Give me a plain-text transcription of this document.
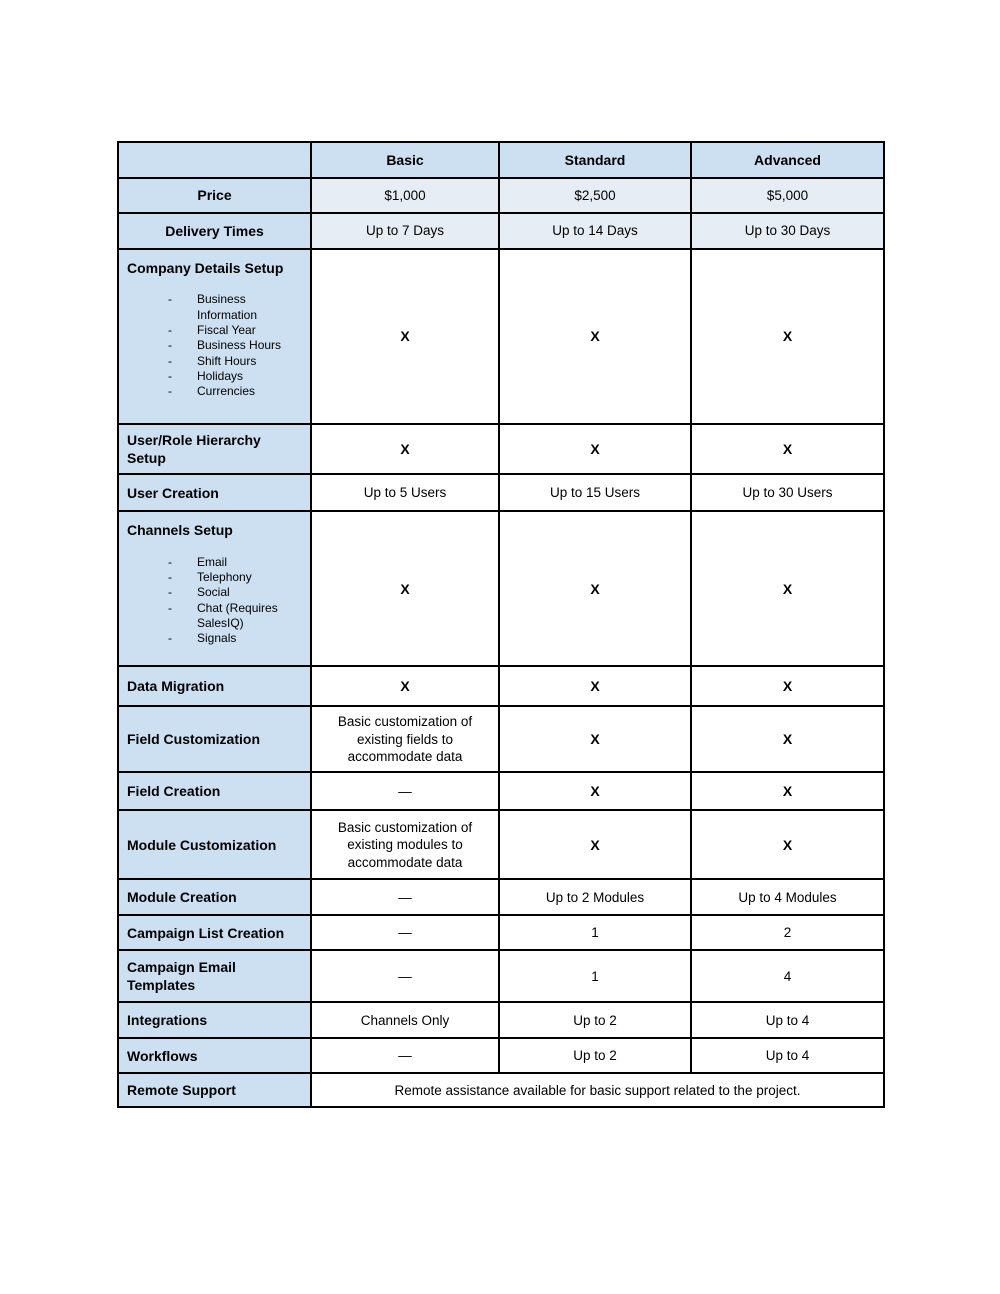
	Basic	Standard	Advanced

Price	$1,000	$2,500	$5,000

Delivery Times	Up to 7 Days	Up to 14 Days	Up to 30 Days

Company Details Setup
- Business Information
- Fiscal Year
- Business Hours
- Shift Hours
- Holidays
- Currencies
	X	X	X

User/Role Hierarchy Setup	X	X	X

User Creation	Up to 5 Users	Up to 15 Users	Up to 30 Users

Channels Setup
- Email
- Telephony
- Social
- Chat (Requires SalesIQ)
- Signals
	X	X	X

Data Migration	X	X	X

Field Customization	Basic customization of existing fields to accommodate data	X	X

Field Creation	—	X	X

Module Customization	Basic customization of existing modules to accommodate data	X	X

Module Creation	—	Up to 2 Modules	Up to 4 Modules

Campaign List Creation	—	1	2

Campaign Email Templates	—	1	4

Integrations	Channels Only	Up to 2	Up to 4

Workflows	—	Up to 2	Up to 4

Remote Support	Remote assistance available for basic support related to the project.		
